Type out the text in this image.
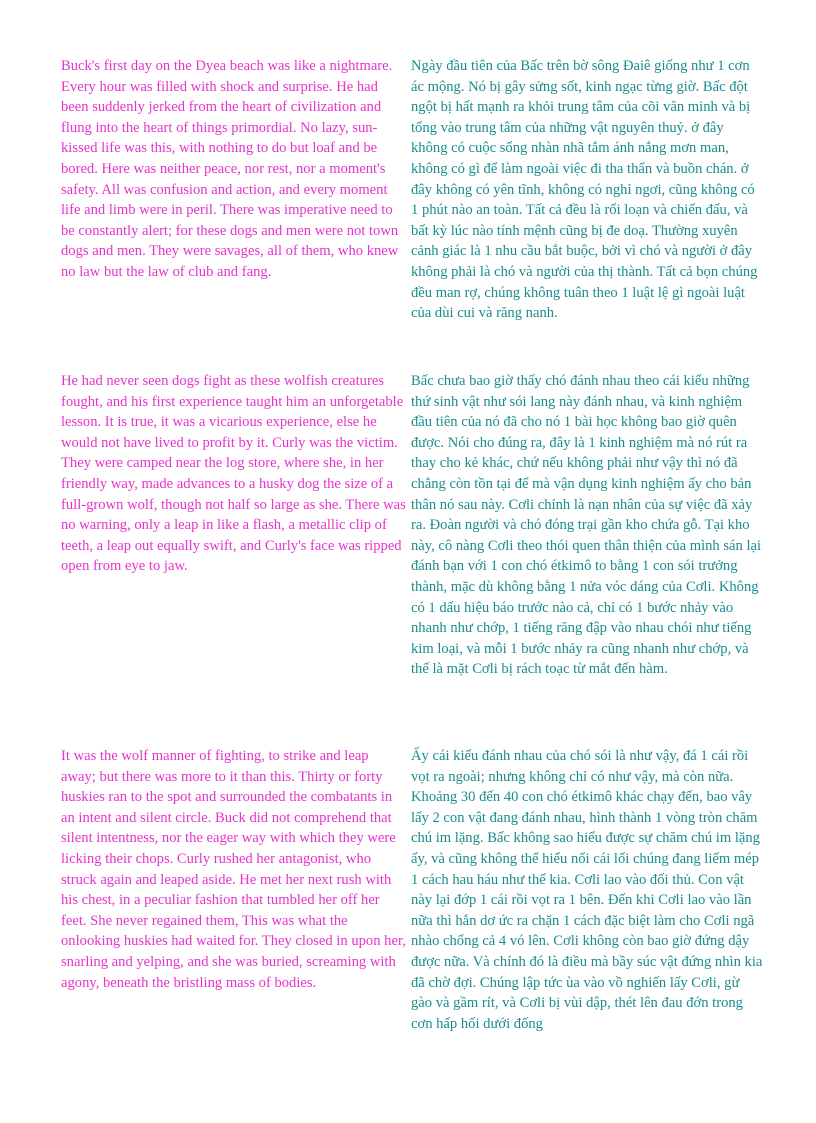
Buck's first day on the Dyea beach was like a nightmare. Every hour was filled with shock and surprise. He had been suddenly jerked from the heart of civilization and flung into the heart of things primordial. No lazy, sun-kissed life was this, with nothing to do but loaf and be bored. Here was neither peace, nor rest, nor a moment's safety. All was confusion and action, and every moment life and limb were in peril. There was imperative need to be constantly alert; for these dogs and men were not town dogs and men. They were savages, all of them, who knew no law but the law of club and fang.

Ngày đầu tiên của Bấc trên bờ sông Đaiê giống như 1 cơn ác mộng. Nó bị gây sửng sốt, kinh ngạc từng giờ. Bấc đột ngột bị hất mạnh ra khỏi trung tâm của cõi văn minh và bị tống vào trung tâm của những vật nguyên thuỷ. ở đây không có cuộc sống nhàn nhã tắm ánh nắng mơn man, không có gì để làm ngoài việc đi tha thẩn và buồn chán. ở đây không có yên tĩnh, không có nghỉ ngơi, cũng không có 1 phút nào an toàn. Tất cả đều là rối loạn và chiến đấu, và bất kỳ lúc nào tính mệnh cũng bị đe doạ. Thường xuyên cảnh giác là 1 nhu cầu bắt buộc, bởi vì chó và người ở đây không phải là chó và người của thị thành. Tất cả bọn chúng đều man rợ, chúng không tuân theo 1 luật lệ gì ngoài luật của dùi cui và răng nanh.

He had never seen dogs fight as these wolfish creatures fought, and his first experience taught him an unforgetable lesson. It is true, it was a vicarious experience, else he would not have lived to profit by it. Curly was the victim. They were camped near the log store, where she, in her friendly way, made advances to a husky dog the size of a full-grown wolf, though not half so large as she. There was no warning, only a leap in like a flash, a metallic clip of teeth, a leap out equally swift, and Curly's face was ripped open from eye to jaw.

Bấc chưa bao giờ thấy chó đánh nhau theo cái kiểu những thứ sinh vật như sói lang này đánh nhau, và kinh nghiệm đầu tiên của nó đã cho nó 1 bài học không bao giờ quên được. Nói cho đúng ra, đây là 1 kinh nghiệm mà nó rút ra thay cho kẻ khác, chứ nếu không phải như vậy thì nó đã chẳng còn tồn tại để mà vận dụng kinh nghiệm ấy cho bản thân nó sau này. Cơli chính là nạn nhân của sự việc đã xảy ra. Đoàn người và chó đóng trại gần kho chứa gỗ. Tại kho này, cô nàng Cơli theo thói quen thân thiện của mình sán lại đánh bạn với 1 con chó étkimô to bằng 1 con sói trưởng thành, mặc dù không bằng 1 nửa vóc dáng của Cơli. Không có 1 dấu hiệu báo trước nào cả, chỉ có 1 bước nhảy vào nhanh như chớp, 1 tiếng răng đập vào nhau chói như tiếng kim loại, và mỗi 1 bước nhảy ra cũng nhanh như chớp, và thế là mặt Cơli bị rách toạc từ mắt đến hàm.

It was the wolf manner of fighting, to strike and leap away; but there was more to it than this. Thirty or forty huskies ran to the spot and surrounded the combatants in an intent and silent circle. Buck did not comprehend that silent intentness, nor the eager way with which they were licking their chops. Curly rushed her antagonist, who struck again and leaped aside. He met her next rush with his chest, in a peculiar fashion that tumbled her off her feet. She never regained them, This was what the onlooking huskies had waited for. They closed in upon her, snarling and yelping, and she was buried, screaming with agony, beneath the bristling mass of bodies.

Ấy cái kiểu đánh nhau của chó sói là như vậy, đá 1 cái rồi vọt ra ngoài; nhưng không chỉ có như vậy, mà còn nữa. Khoảng 30 đến 40 con chó étkimô khác chạy đến, bao vây lấy 2 con vật đang đánh nhau, hình thành 1 vòng tròn chăm chú im lặng. Bấc không sao hiểu được sự chăm chú im lặng ấy, và cũng không thể hiểu nổi cái lối chúng đang liếm mép 1 cách hau háu như thế kia. Cơli lao vào đối thủ. Con vật này lại đớp 1 cái rồi vọt ra 1 bên. Đến khi Cơli lao vào lần nữa thì hắn dơ ức ra chặn 1 cách đặc biệt làm cho Cơli ngã nhào chổng cả 4 vó lên. Cơli không còn bao giờ đứng dậy được nữa. Và chính đó là điều mà bầy súc vật đứng nhìn kia đã chờ đợi. Chúng lập tức ùa vào vồ nghiến lấy Cơli, gừ gào và gầm rít, và Cơli bị vùi dập, thét lên đau đớn trong cơn hấp hối dưới đống
